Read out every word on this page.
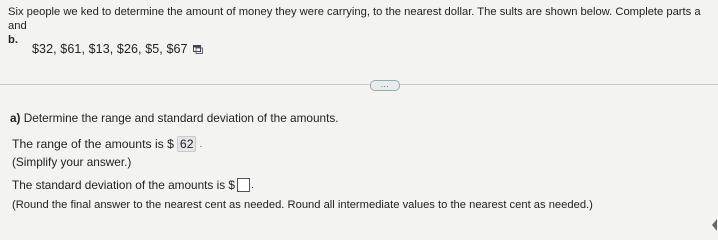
Six people we ked to determine the amount of money they were carrying, to the nearest dollar. The sults are shown below. Complete parts a and
b.
$32, $61, $13, $26, $5, $67
...
a) Determine the range and standard deviation of the amounts.
The range of the amounts is $ 62 .
(Simplify your answer.)
The standard deviation of the amounts is $ .
(Round the final answer to the nearest cent as needed. Round all intermediate values to the nearest cent as needed.)
